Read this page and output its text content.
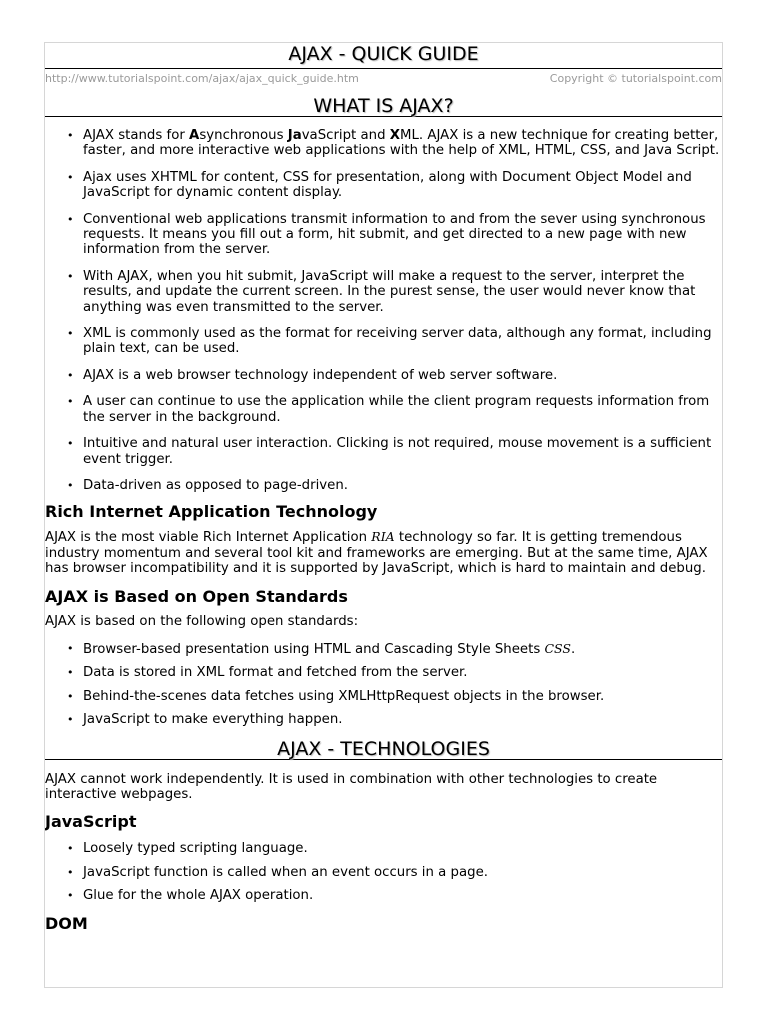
AJAX - QUICK GUIDE
http://www.tutorialspoint.com/ajax/ajax_quick_guide.htm	Copyright © tutorialspoint.com
WHAT IS AJAX?
• AJAX stands for Asynchronous JavaScript and XML. AJAX is a new technique for creating better, faster, and more interactive web applications with the help of XML, HTML, CSS, and Java Script.
• Ajax uses XHTML for content, CSS for presentation, along with Document Object Model and JavaScript for dynamic content display.
• Conventional web applications transmit information to and from the sever using synchronous requests. It means you fill out a form, hit submit, and get directed to a new page with new information from the server.
• With AJAX, when you hit submit, JavaScript will make a request to the server, interpret the results, and update the current screen. In the purest sense, the user would never know that anything was even transmitted to the server.
• XML is commonly used as the format for receiving server data, although any format, including plain text, can be used.
• AJAX is a web browser technology independent of web server software.
• A user can continue to use the application while the client program requests information from the server in the background.
• Intuitive and natural user interaction. Clicking is not required, mouse movement is a sufficient event trigger.
• Data-driven as opposed to page-driven.
Rich Internet Application Technology

AJAX is the most viable Rich Internet Application RIA technology so far. It is getting tremendous industry momentum and several tool kit and frameworks are emerging. But at the same time, AJAX has browser incompatibility and it is supported by JavaScript, which is hard to maintain and debug.

AJAX is Based on Open Standards

AJAX is based on the following open standards:

• Browser-based presentation using HTML and Cascading Style Sheets CSS.
• Data is stored in XML format and fetched from the server.
• Behind-the-scenes data fetches using XMLHttpRequest objects in the browser.
• JavaScript to make everything happen.
AJAX - TECHNOLOGIES

AJAX cannot work independently. It is used in combination with other technologies to create interactive webpages.

JavaScript
• Loosely typed scripting language.
• JavaScript function is called when an event occurs in a page.
• Glue for the whole AJAX operation.
DOM
